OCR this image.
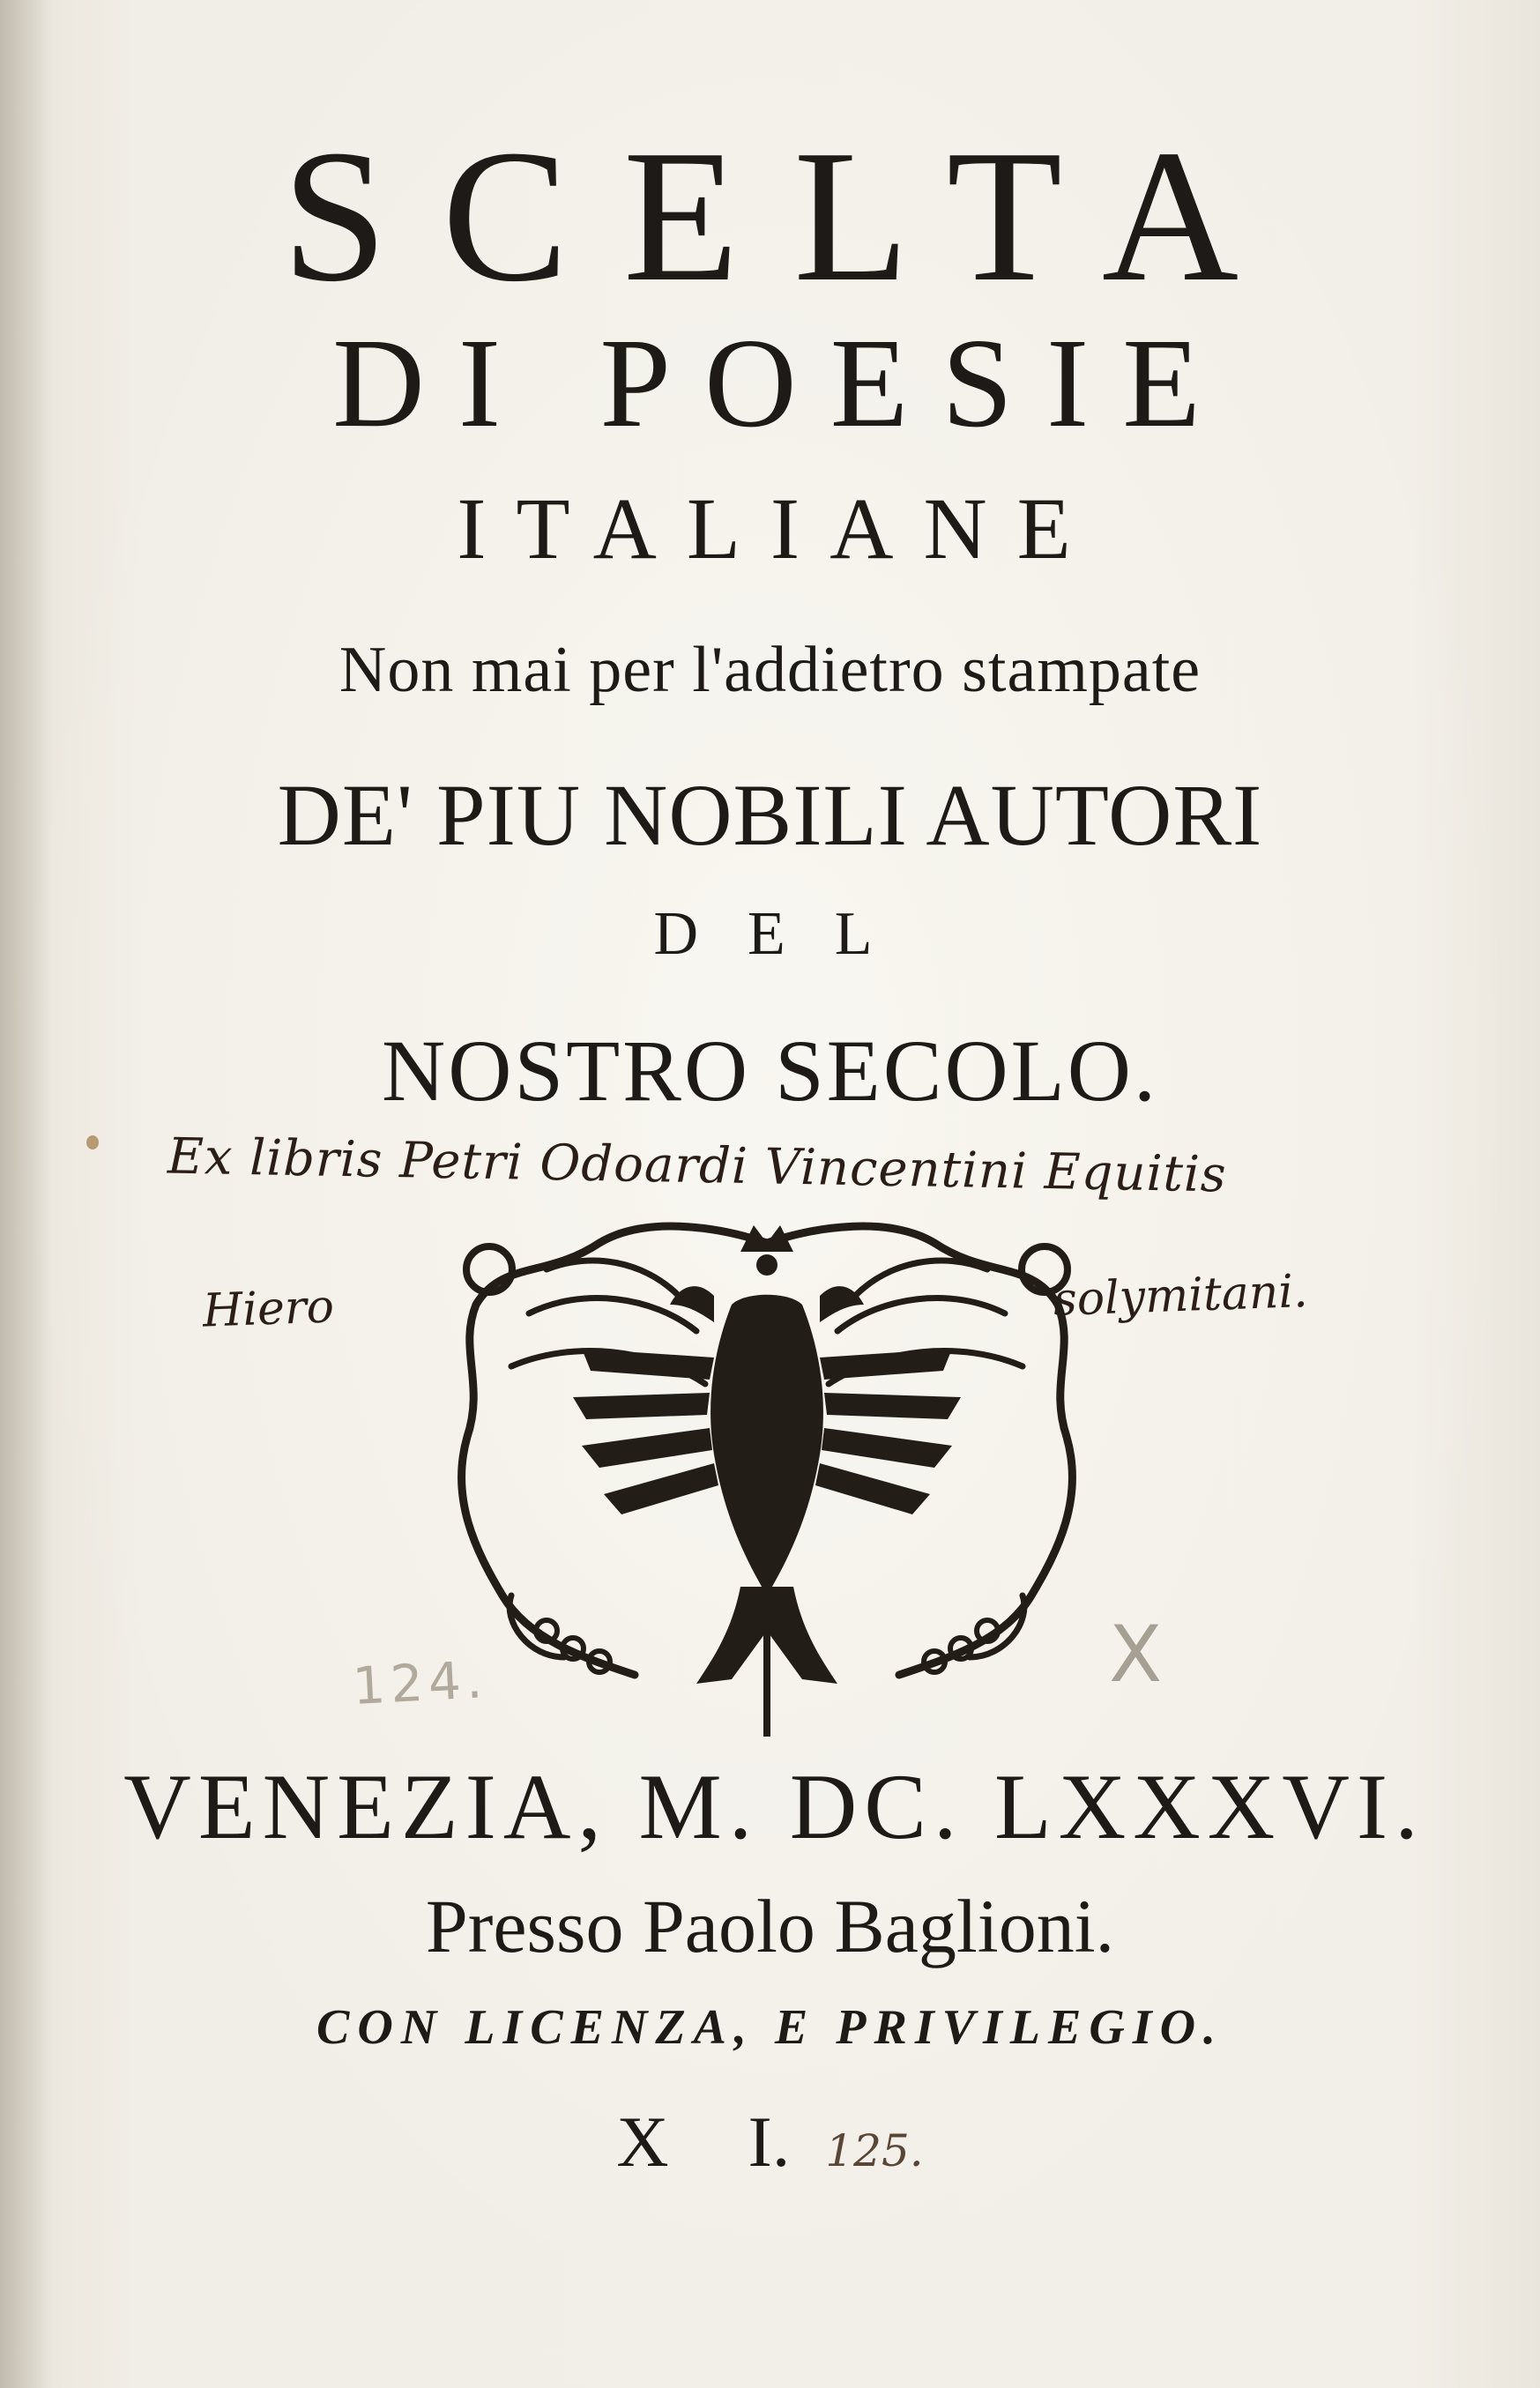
SCELTA
DI POESIE
ITALIANE
Non mai per l'addietro stampate
DE' PIU NOBILI AUTORI
DEL
NOSTRO SECOLO.
Ex libris Petri Odoardi Vincentini Equitis
Hiero	solymitani.
X
124.
VENEZIA, M. DC. LXXXVI.
Presso Paolo Baglioni.
CON LICENZA, E PRIVILEGIO.
X I. 125.
